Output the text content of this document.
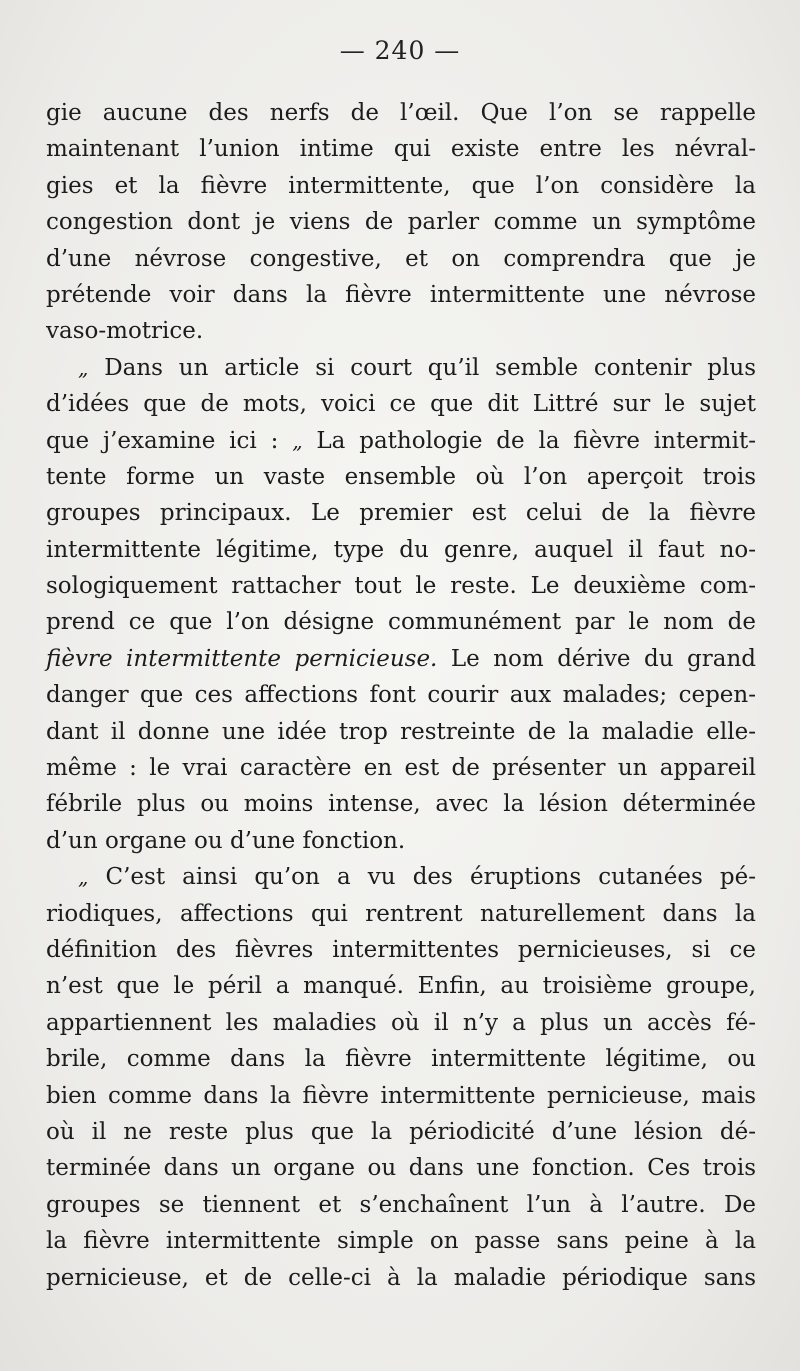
— 240 —
gie aucune des nerfs de l’œil. Que l’on se rappelle
maintenant l’union intime qui existe entre les névral-
gies et la fièvre intermittente, que l’on considère la
congestion dont je viens de parler comme un symptôme
d’une névrose congestive, et on comprendra que je
prétende voir dans la fièvre intermittente une névrose
vaso-motrice.
„ Dans un article si court qu’il semble contenir plus
d’idées que de mots, voici ce que dit Littré sur le sujet
que j’examine ici : „ La pathologie de la fièvre intermit-
tente forme un vaste ensemble où l’on aperçoit trois
groupes principaux. Le premier est celui de la fièvre
intermittente légitime, type du genre, auquel il faut no-
sologiquement rattacher tout le reste. Le deuxième com-
prend ce que l’on désigne communément par le nom de
fièvre intermittente pernicieuse. Le nom dérive du grand
danger que ces affections font courir aux malades; cepen-
dant il donne une idée trop restreinte de la maladie elle-
même : le vrai caractère en est de présenter un appareil
fébrile plus ou moins intense, avec la lésion déterminée
d’un organe ou d’une fonction.
„ C’est ainsi qu’on a vu des éruptions cutanées pé-
riodiques, affections qui rentrent naturellement dans la
définition des fièvres intermittentes pernicieuses, si ce
n’est que le péril a manqué. Enfin, au troisième groupe,
appartiennent les maladies où il n’y a plus un accès fé-
brile, comme dans la fièvre intermittente légitime, ou
bien comme dans la fièvre intermittente pernicieuse, mais
où il ne reste plus que la périodicité d’une lésion dé-
terminée dans un organe ou dans une fonction. Ces trois
groupes se tiennent et s’enchaînent l’un à l’autre. De
la fièvre intermittente simple on passe sans peine à la
pernicieuse, et de celle-ci à la maladie périodique sans
